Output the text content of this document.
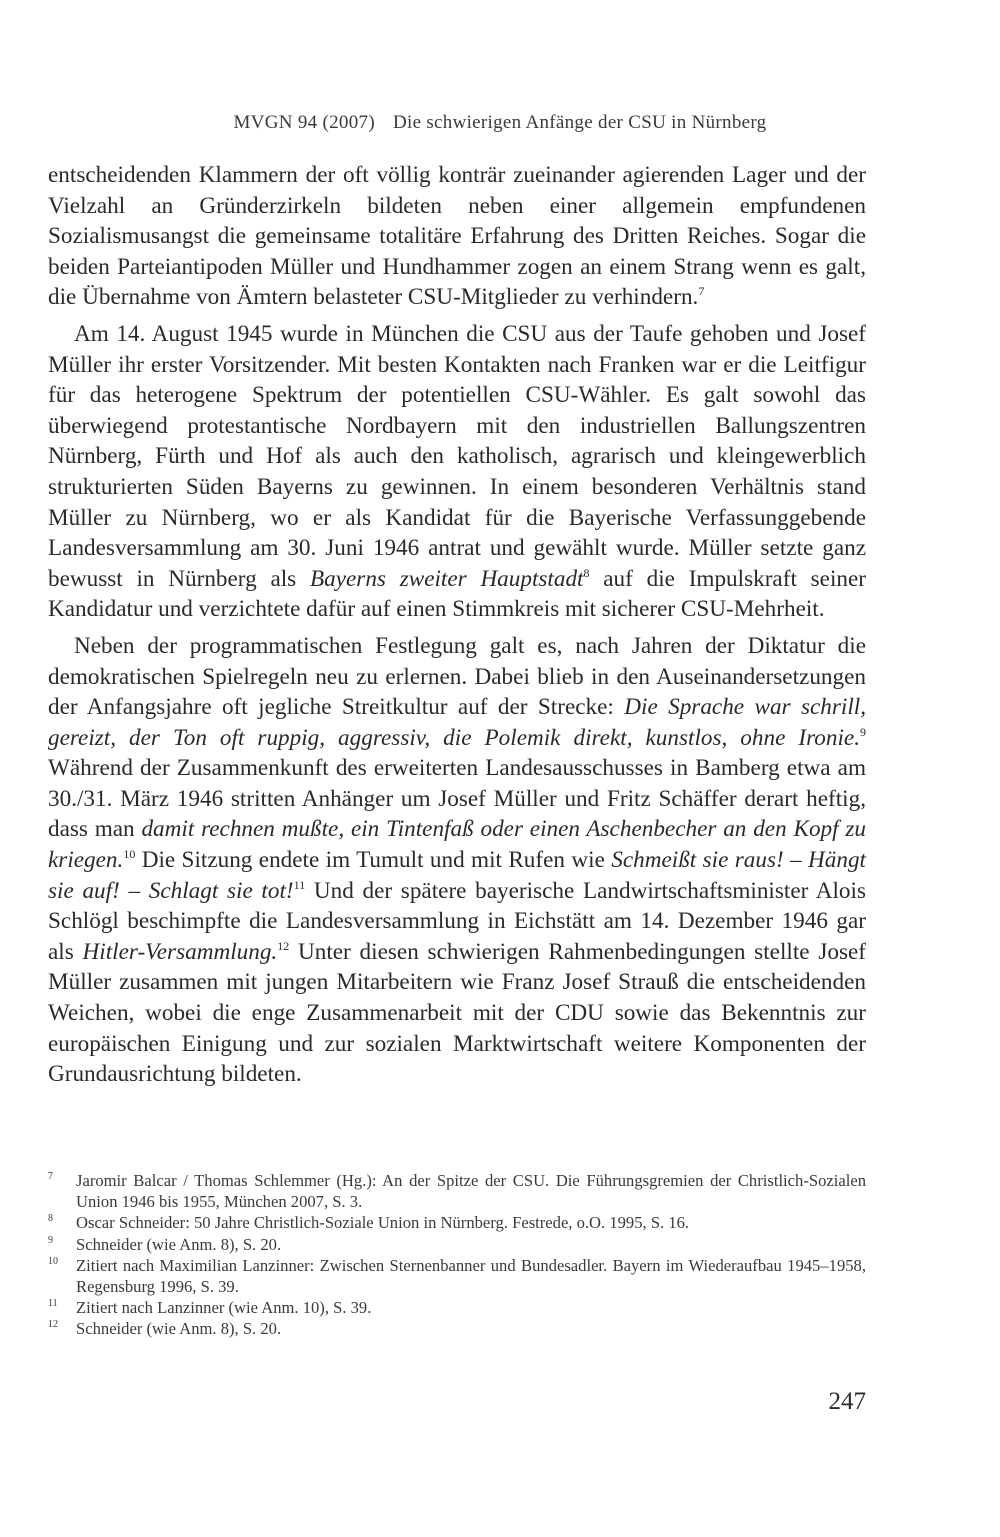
MVGN 94 (2007) Die schwierigen Anfänge der CSU in Nürnberg

entscheidenden Klammern der oft völlig konträr zueinander agierenden Lager und der Vielzahl an Gründerzirkeln bildeten neben einer allgemein empfundenen Sozialismusangst die gemeinsame totalitäre Erfahrung des Dritten Reiches. Sogar die beiden Parteiantipoden Müller und Hundhammer zogen an einem Strang wenn es galt, die Übernahme von Ämtern belasteter CSU-Mitglieder zu verhindern.$^7$

Am 14. August 1945 wurde in München die CSU aus der Taufe gehoben und Josef Müller ihr erster Vorsitzender. Mit besten Kontakten nach Franken war er die Leitfigur für das heterogene Spektrum der potentiellen CSU-Wähler. Es galt sowohl das überwiegend protestantische Nordbayern mit den industriellen Ballungszentren Nürnberg, Fürth und Hof als auch den katholisch, agrarisch und kleingewerblich strukturierten Süden Bayerns zu gewinnen. In einem besonderen Verhältnis stand Müller zu Nürnberg, wo er als Kandidat für die Bayerische Verfassunggebende Landesversammlung am 30. Juni 1946 antrat und gewählt wurde. Müller setzte ganz bewusst in Nürnberg als Bayerns zweiter Hauptstadt$^8$ auf die Impulskraft seiner Kandidatur und verzichtete dafür auf einen Stimmkreis mit sicherer CSU-Mehrheit.

Neben der programmatischen Festlegung galt es, nach Jahren der Diktatur die demokratischen Spielregeln neu zu erlernen. Dabei blieb in den Auseinandersetzungen der Anfangsjahre oft jegliche Streitkultur auf der Strecke: Die Sprache war schrill, gereizt, der Ton oft ruppig, aggressiv, die Polemik direkt, kunstlos, ohne Ironie.$^9$ Während der Zusammenkunft des erweiterten Landesausschusses in Bamberg etwa am 30./31. März 1946 stritten Anhänger um Josef Müller und Fritz Schäffer derart heftig, dass man damit rechnen mußte, ein Tintenfaß oder einen Aschenbecher an den Kopf zu kriegen.$^{10}$ Die Sitzung endete im Tumult und mit Rufen wie Schmeißt sie raus! – Hängt sie auf! – Schlagt sie tot!$^{11}$ Und der spätere bayerische Landwirtschaftsminister Alois Schlögl beschimpfte die Landesversammlung in Eichstätt am 14. Dezember 1946 gar als Hitler-Versammlung.$^{12}$ Unter diesen schwierigen Rahmenbedingungen stellte Josef Müller zusammen mit jungen Mitarbeitern wie Franz Josef Strauß die entscheidenden Weichen, wobei die enge Zusammenarbeit mit der CDU sowie das Bekenntnis zur europäischen Einigung und zur sozialen Marktwirtschaft weitere Komponenten der Grundausrichtung bildeten.

7	Jaromir Balcar / Thomas Schlemmer (Hg.): An der Spitze der CSU. Die Führungsgremien der Christlich-Sozialen Union 1946 bis 1955, München 2007, S. 3.
8	Oscar Schneider: 50 Jahre Christlich-Soziale Union in Nürnberg. Festrede, o.O. 1995, S. 16.
9	Schneider (wie Anm. 8), S. 20.
10	Zitiert nach Maximilian Lanzinner: Zwischen Sternenbanner und Bundesadler. Bayern im Wiederaufbau 1945–1958, Regensburg 1996, S. 39.
11	Zitiert nach Lanzinner (wie Anm. 10), S. 39.
12	Schneider (wie Anm. 8), S. 20.
247
